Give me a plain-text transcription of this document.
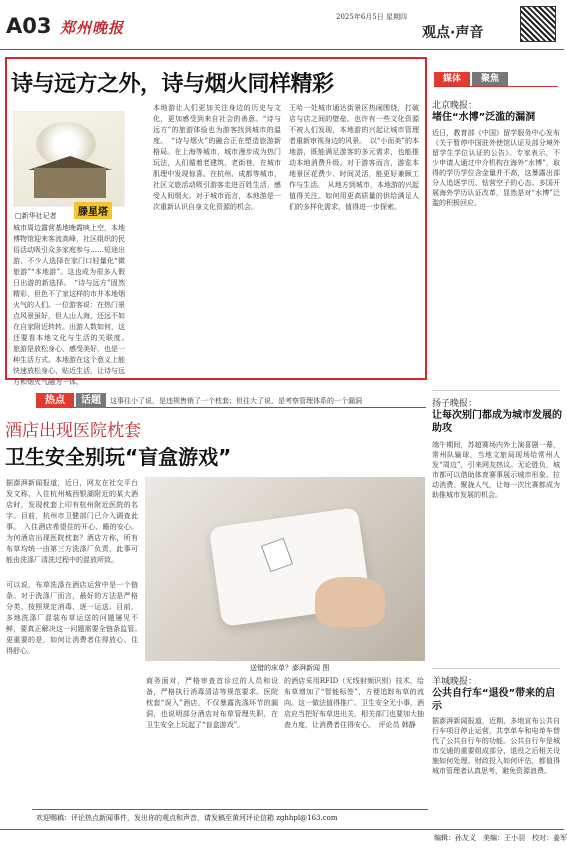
A03 郑州晚报
2025年6月5日 星期四
观点·声音
诗与远方之外，诗与烟火同样精彩
滕星塔
□新华社记者
城市周边露营基地晚霞映上空，本地博物馆迎来客流高峰，社区组织的民俗活动吸引众多家庭参与……短途出游、不少人选择在家门口轻量化“微旅游”“本地游”。这也成为很多人假日出游的新选择。　“诗与远方”固然精彩，但色不了家这样的市井本地烟火气的人们。一位游客说：在热门景点风景虽好，但人山人海，还远不如在自家附近转转。出游人数如何，这还要看本地文化与生活的关联度。　旅游是放松身心、感受美好，也是一种生活方式。本地游在这个意义上能快速放松身心、贴近生活，让诗与远方和烟火气融为一体。
本地游让人们更加关注身边的历史与文化，更加感受到来自社会的善意。“诗与远方”的旅游体验也为游客找到城市的温度。　“诗与烟火”的融合正在塑造旅游新格局。在上海等城市，城市漫步成为热门玩法，人们循着老建筑、老街巷，在城市肌理中发现惊喜。在杭州、成都等城市，社区文旅活动吸引游客走进百姓生活，感受人间烟火。对于城市而言，本地游是一次重新认识自身文化资源的机会。
王哈一处城市通达街景区热闹围绕，打破店与店之间的壁垒。也许有一些文化资源不被人们发现，本地游的兴起让城市管理者重新审视身边的风景。　以“小而美”的本地游，既能满足游客的多元需求，也能推动本地消费升级。对于游客而言，游览本地景区花费少、时间灵活，能更好兼顾工作与生活。　从地方到城市，本地游的兴起值得关注。如何用更高质量的供给满足人们的多样化需求，值得进一步探索。
热点	话题	这事往小了说，是违规售销了一个枕套；但往大了说，是考察管理体系的一个漏洞
酒店出现医院枕套
卫生安全别玩“盲盒游戏”
据澎湃新闻报道，近日，网友在社交平台发文称，入住杭州城西银湖附近的某大酒店时，发现枕套上印有杭州附近医院的名字。目前，杭州市卫健部门已介入调查此事。　入住酒店希望住的开心、睡的安心。为何酒店出现医院枕套？酒店方称，所有布草均统一由第三方洗涤厂负责，此事可能由洗涤厂清洗过程中的混放所致。
可以说，布草洗涤在酒店运营中是一个链条。对于洗涤厂而言，最好的方法是严格分类、按照规定消毒、逐一运送。目前，多地洗涤厂混装布草运送的问题屡见不鲜，要真正解决这一问题需要全链条监管。　更重要的是，如何让消费者住得放心、住得舒心。
送错的床单？澎湃新闻 图
商务面对，严格审查首诊过的人员和设备，严格执行消毒清洁等规范要求。医院枕套“误入”酒店，不仅暴露洗涤环节的漏洞，也说明部分酒店对布草管理失职，在卫生安全上玩起了“盲盒游戏”。
的酒店采用RFID（无线射频识别）技术，给布草增加了“智能标签”，方便追踪布草的流向。这一做法值得推广。卫生安全无小事，酒店应当把好布草进出关，相关部门也要加大抽查力度，让消费者住得安心。　评论员 韩静
欢迎赐稿：评论热点新闻事件，发出你的观点和声音，请发稿至黄河评论信箱 zghhpl@163.com
媒体	聚焦
北京晚报：
堵住“水博”泛滥的漏洞
近日，教育部《中国》留学服务中心发布《关于暂停中国驻外使馆认证及部分境外留学生学位认证的公告》。专家表示，不少申请人通过中介机构在海外“水博”，取得的学历学位含金量并不高，这暴露出部分人追逐学历、钻营空子的心态。多国开展海外学历认证改革，显然是对“水博”泛滥的积极回应。
扬子晚报：
让每次别门都成为城市发展的助攻
端午期间，苏超赛场内外上演喜剧一幕，常州队输球，当地文旅局现场给常州人发“周边”，引来网友热议。无论胜负，城市都可以借助体育赛事展示城市形象、拉动消费、聚拢人气，让每一次比赛都成为助推城市发展的机会。
羊城晚报：
公共自行车“退役”带来的启示
据澎湃新闻报道，近期，多地宣布公共自行车项目停止运营，共享单车和电单车替代了公共自行车的功能。公共自行车是城市交通的重要组成部分，退役之后相关设施如何处理、财政投入如何评估，都值得城市管理者认真思考，避免资源浪费。
编辑：孙友义　美编：王小羽　校对：姜军
